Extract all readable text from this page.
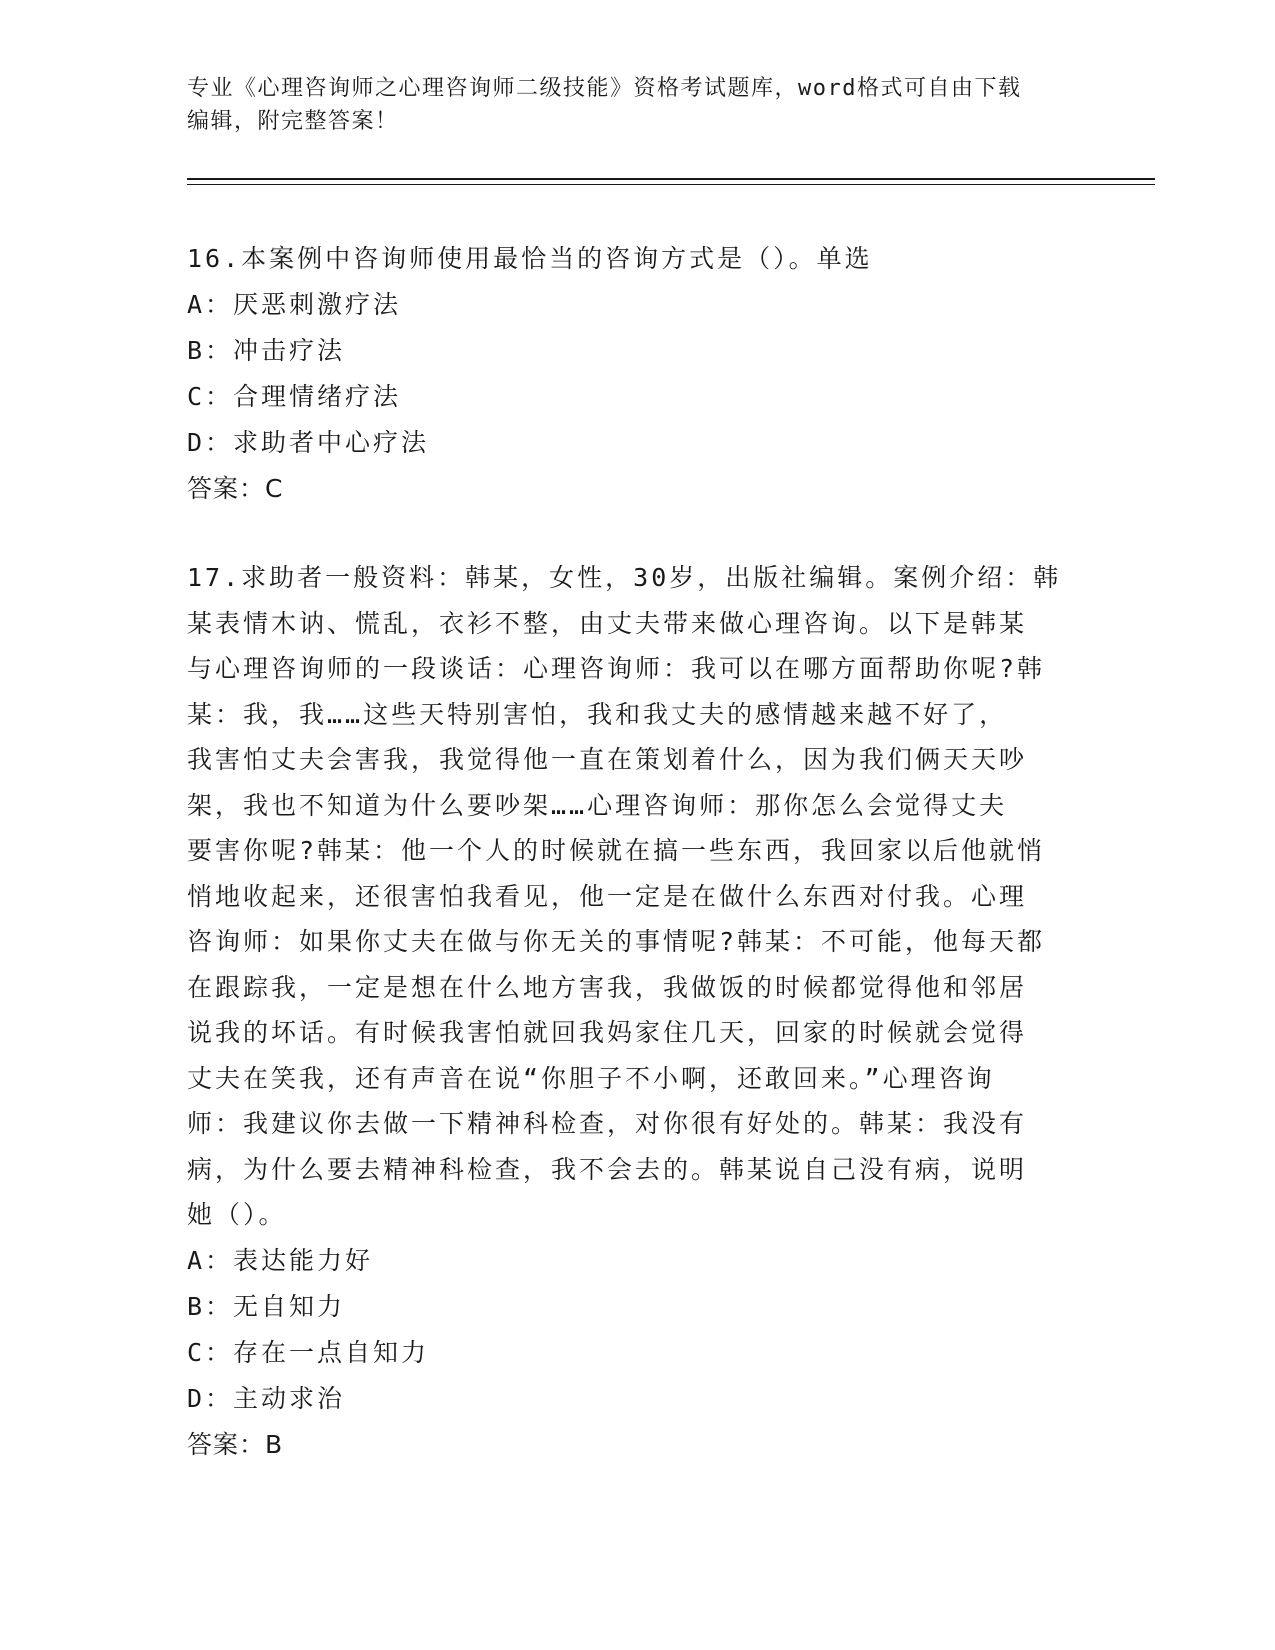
专业《心理咨询师之心理咨询师二级技能》资格考试题库，word格式可自由下载
编辑，附完整答案！

16.本案例中咨询师使用最恰当的咨询方式是（）。单选

A：厌恶刺激疗法

B：冲击疗法

C：合理情绪疗法

D：求助者中心疗法

答案：C

17.求助者一般资料：韩某，女性，30岁，出版社编辑。案例介绍：韩

某表情木讷、慌乱，衣衫不整，由丈夫带来做心理咨询。以下是韩某

与心理咨询师的一段谈话：心理咨询师：我可以在哪方面帮助你呢?韩

某：我，我……这些天特别害怕，我和我丈夫的感情越来越不好了，

我害怕丈夫会害我，我觉得他一直在策划着什么，因为我们俩天天吵

架，我也不知道为什么要吵架……心理咨询师：那你怎么会觉得丈夫

要害你呢?韩某：他一个人的时候就在搞一些东西，我回家以后他就悄

悄地收起来，还很害怕我看见，他一定是在做什么东西对付我。心理

咨询师：如果你丈夫在做与你无关的事情呢?韩某：不可能，他每天都

在跟踪我，一定是想在什么地方害我，我做饭的时候都觉得他和邻居

说我的坏话。有时候我害怕就回我妈家住几天，回家的时候就会觉得

丈夫在笑我，还有声音在说“你胆子不小啊，还敢回来。”心理咨询

师：我建议你去做一下精神科检查，对你很有好处的。韩某：我没有

病，为什么要去精神科检查，我不会去的。韩某说自己没有病，说明

她（）。

A：表达能力好

B：无自知力

C：存在一点自知力

D：主动求治

答案：B
